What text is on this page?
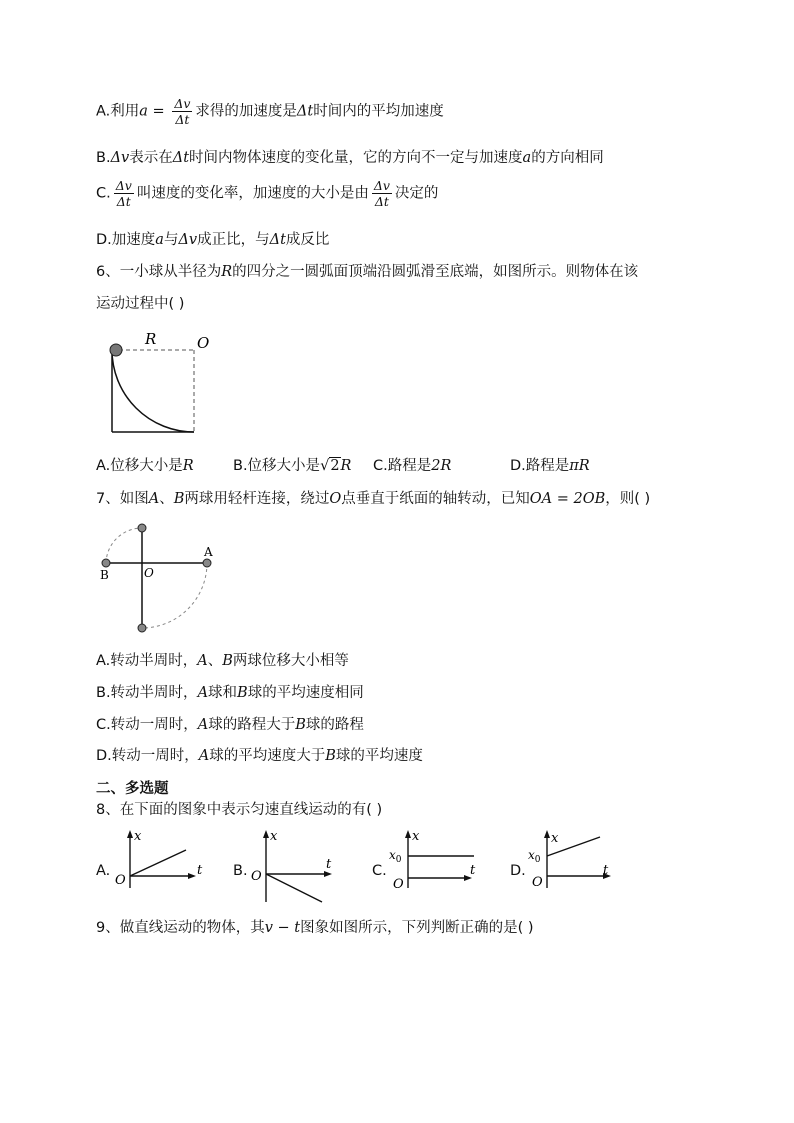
A.利用$a = \frac{\Delta v}{\Delta t}$ 求得的加速度是Δt时间内的平均加速度
B.Δv表示在Δt时间内物体速度的变化量，它的方向不一定与加速度a的方向相同
C. $\frac{\Delta v}{\Delta t}$ 叫速度的变化率，加速度的大小是由 $\frac{\Delta v}{\Delta t}$ 决定的
D.加速度a与Δv成正比，与Δt成反比
6、一小球从半径为R的四分之一圆弧面顶端沿圆弧滑至底端，如图所示。则物体在该
运动过程中( )
R	O
A.位移大小是R	B.位移大小是√2R C.路程是2R	D.路程是πR
7、如图A、B两球用轻杆连接，绕过O点垂直于纸面的轴转动，已知OA = 2OB，则( )
A
B	O
A.转动半周时，A、B两球位移大小相等
B.转动半周时，A球和B球的平均速度相同
C.转动一周时，A球的路程大于B球的路程
D.转动一周时，A球的平均速度大于B球的平均速度
二、多选题
8、在下面的图象中表示匀速直线运动的有( )
A.
x
O
t B.
x
O
t	C.
x
$x_0$
O
t D.
x
$x_0$
O
t
9、做直线运动的物体，其v − t图象如图所示，下列判断正确的是( )
